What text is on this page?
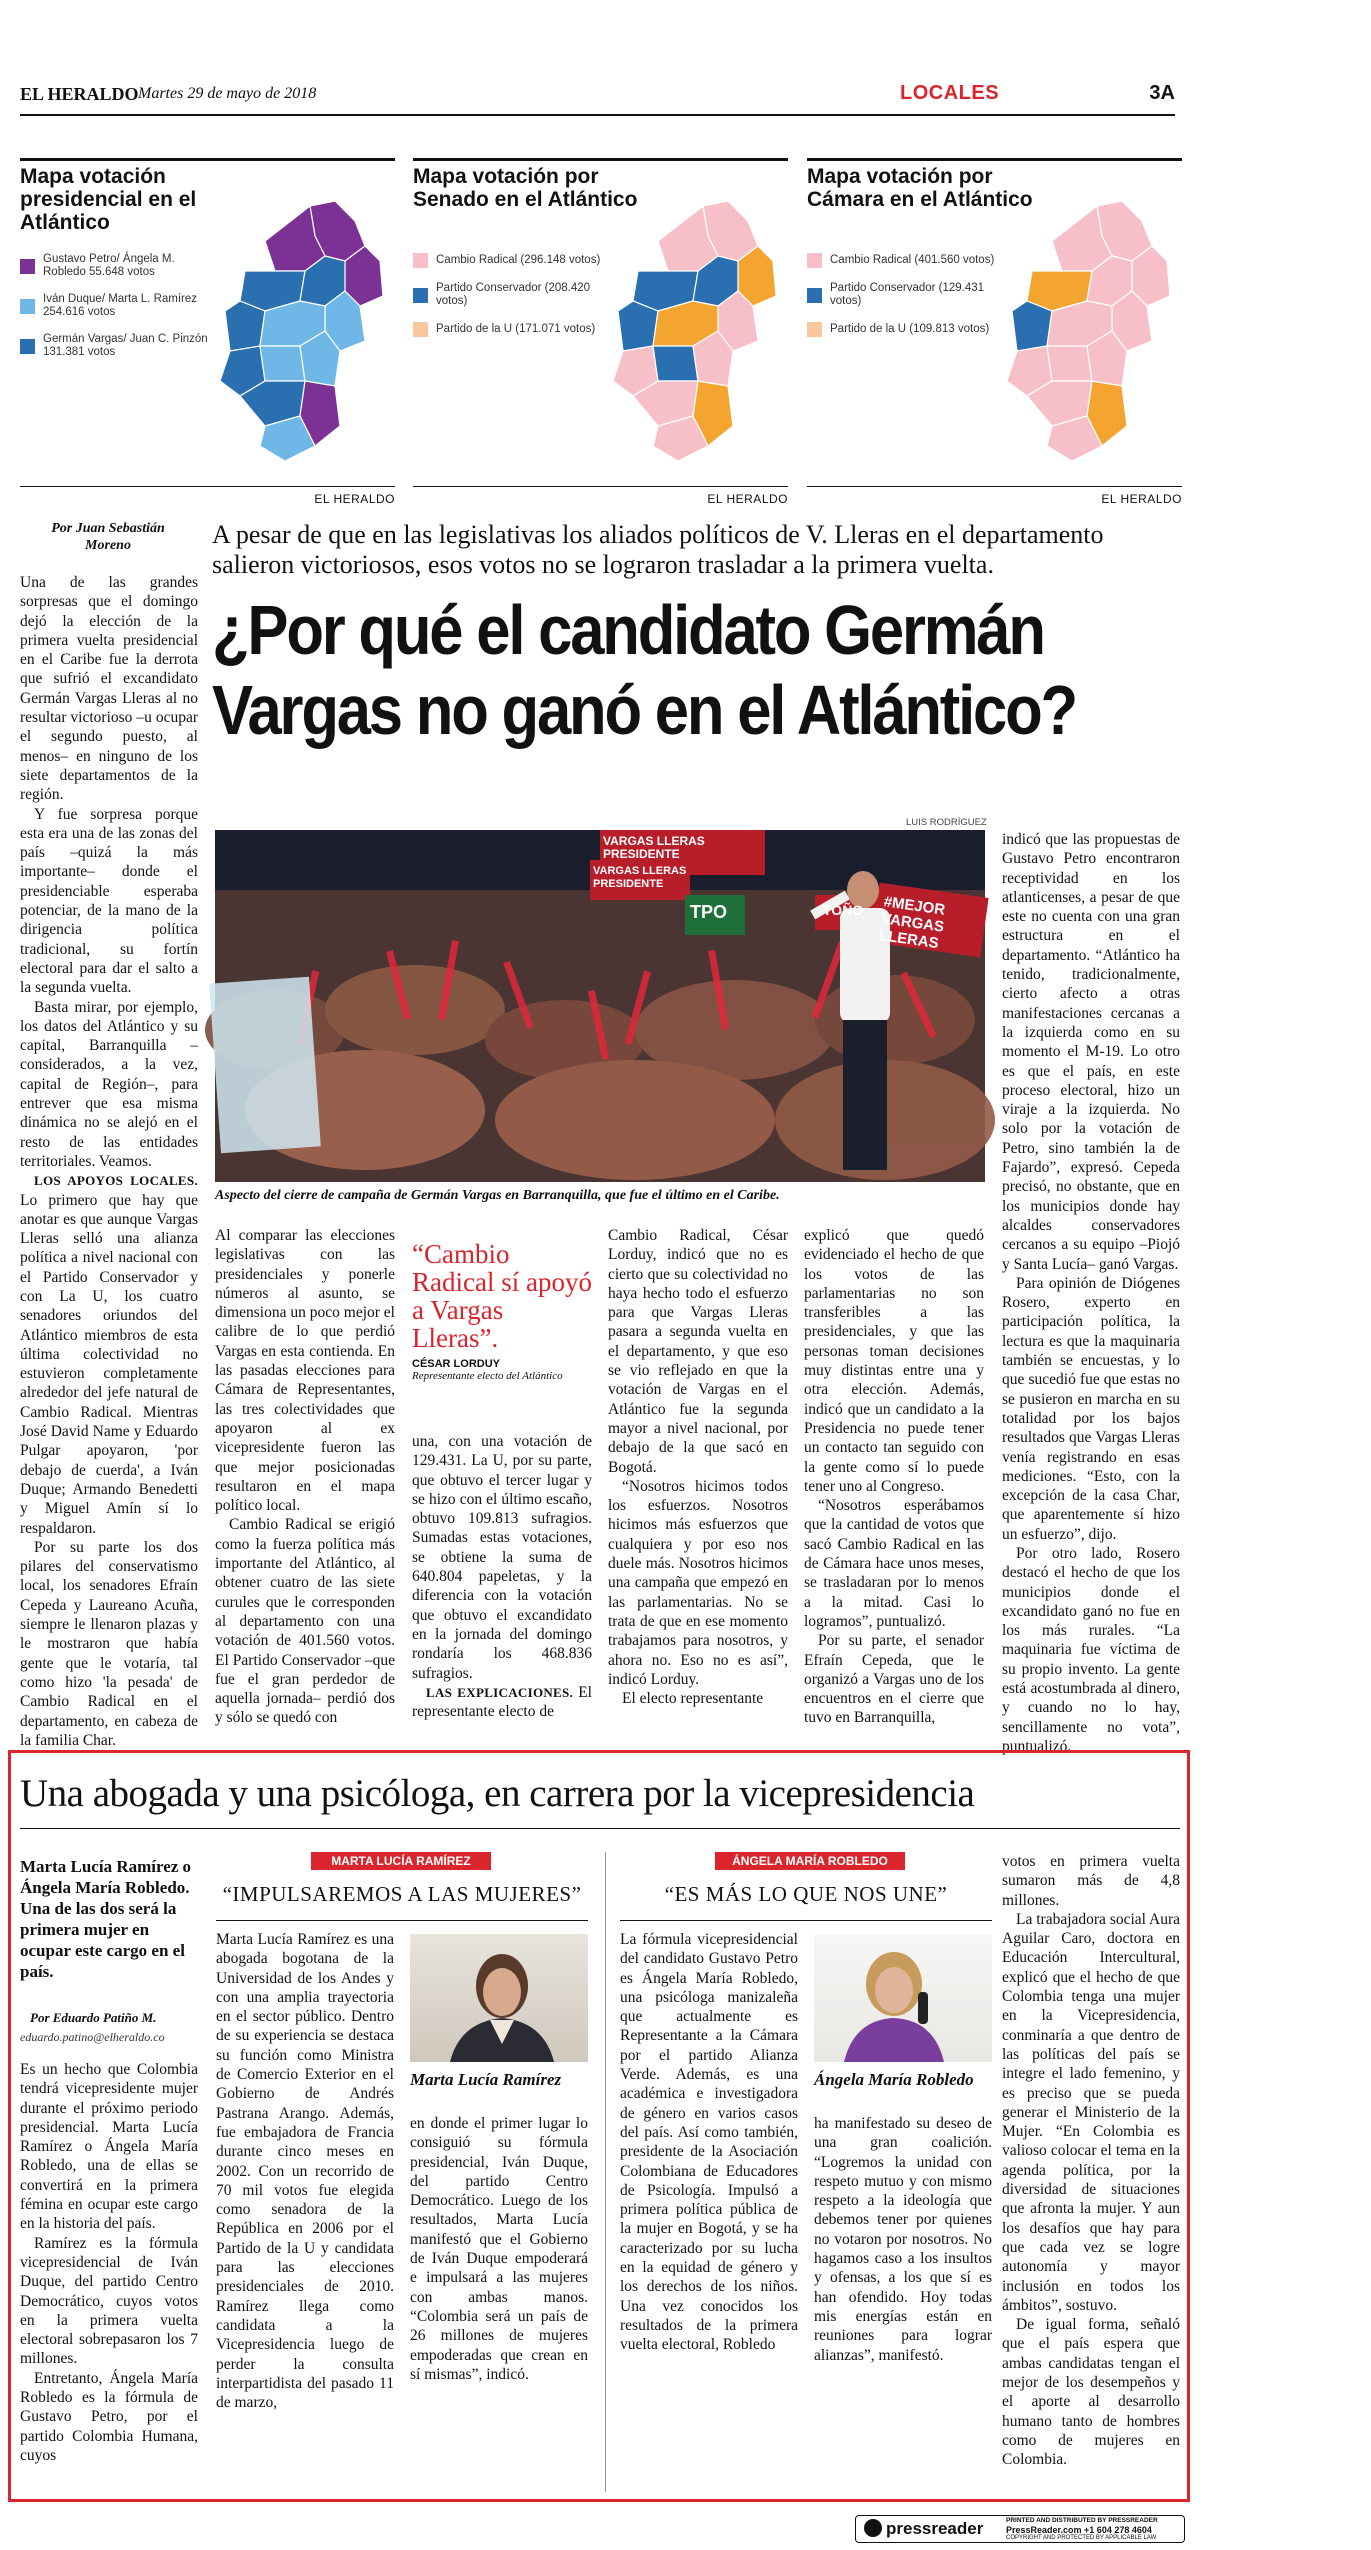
EL HERALDO Martes 29 de mayo de 2018	LOCALES	3A
Mapa votación presidencial en el Atlántico
Gustavo Petro/ Ángela M. Robledo 55.648 votos
Iván Duque/ Marta L. Ramírez 254.616 votos
Germán Vargas/ Juan C. Pinzón 131.381 votos
EL HERALDO
Mapa votación por Senado en el Atlántico
Cambio Radical (296.148 votos)
Partido Conservador (208.420 votos)
Partido de la U (171.071 votos)
EL HERALDO
Mapa votación por Cámara en el Atlántico
Cambio Radical (401.560 votos)
Partido Conservador (129.431 votos)
Partido de la U (109.813 votos)
EL HERALDO
Por Juan Sebastián Moreno	A pesar de que en las legislativas los aliados políticos de V. Lleras en el departamento salieron victoriosos, esos votos no se lograron trasladar a la primera vuelta.
¿Por qué el candidato Germán Vargas no ganó en el Atlántico?

Una de las grandes sorpresas que el domingo dejó la elección de la primera vuelta presidencial en el Caribe fue la derrota que sufrió el excandidato Germán Vargas Lleras al no resultar victorioso –u ocupar el segundo puesto, al menos– en ninguno de los siete departamentos de la región.

Y fue sorpresa porque esta era una de las zonas del país –quizá la más importante– donde el presidenciable esperaba potenciar, de la mano de la dirigencia política tradicional, su fortín electoral para dar el salto a la segunda vuelta.

Basta mirar, por ejemplo, los datos del Atlántico y su capital, Barranquilla –considerados, a la vez, capital de Región–, para entrever que esa misma dinámica no se alejó en el resto de las entidades territoriales. Veamos.

LOS APOYOS LOCALES. Lo primero que hay que anotar es que aunque Vargas Lleras selló una alianza política a nivel nacional con el Partido Conservador y con La U, los cuatro senadores oriundos del Atlántico miembros de esta última colectividad no estuvieron completamente alrededor del jefe natural de Cambio Radical. Mientras José David Name y Eduardo Pulgar apoyaron, 'por debajo de cuerda', a Iván Duque; Armando Benedetti y Miguel Amín sí lo respaldaron.

Por su parte los dos pilares del conservatismo local, los senadores Efraín Cepeda y Laureano Acuña, siempre le llenaron plazas y le mostraron que había gente que le votaría, tal como hizo 'la pesada' de Cambio Radical en el departamento, en cabeza de la familia Char.

LUIS RODRÍGUEZ
VARGAS LLERAS PRESIDENTE
VARGAS LLERAS PRESIDENTE
TOÑO
TPO	#MEJOR VARGAS LLERAS
Aspecto del cierre de campaña de Germán Vargas en Barranquilla, que fue el último en el Caribe.

Al comparar las elecciones legislativas con las presidenciales y ponerle números al asunto, se dimensiona un poco mejor el calibre de lo que perdió Vargas en esta contienda. En las pasadas elecciones para Cámara de Representantes, las tres colectividades que apoyaron al ex vicepresidente fueron las que mejor posicionadas resultaron en el mapa político local.

Cambio Radical se erigió como la fuerza política más importante del Atlántico, al obtener cuatro de las siete curules que le corresponden al departamento con una votación de 401.560 votos. El Partido Conservador –que fue el gran perdedor de aquella jornada– perdió dos y sólo se quedó con

“Cambio Radical sí apoyó a Vargas Lleras”.
CÉSAR LORDUY
Representante electo del Atlántico

una, con una votación de 129.431. La U, por su parte, que obtuvo el tercer lugar y se hizo con el último escaño, obtuvo 109.813 sufragios. Sumadas estas votaciones, se obtiene la suma de 640.804 papeletas, y la diferencia con la votación que obtuvo el excandidato en la jornada del domingo rondaría los 468.836 sufragios.

LAS EXPLICACIONES. El representante electo de

Cambio Radical, César Lorduy, indicó que no es cierto que su colectividad no haya hecho todo el esfuerzo para que Vargas Lleras pasara a segunda vuelta en el departamento, y que eso se vio reflejado en que la votación de Vargas en el Atlántico fue la segunda mayor a nivel nacional, por debajo de la que sacó en Bogotá.

“Nosotros hicimos todos los esfuerzos. Nosotros hicimos más esfuerzos que cualquiera y por eso nos duele más. Nosotros hicimos una campaña que empezó en las parlamentarias. No se trata de que en ese momento trabajamos para nosotros, y ahora no. Eso no es así”, indicó Lorduy.

El electo representante

explicó que quedó evidenciado el hecho de que los votos de las parlamentarias no son transferibles a las presidenciales, y que las personas toman decisiones muy distintas entre una y otra elección. Además, indicó que un candidato a la Presidencia no puede tener un contacto tan seguido con la gente como sí lo puede tener uno al Congreso.

“Nosotros esperábamos que la cantidad de votos que sacó Cambio Radical en las de Cámara hace unos meses, se trasladaran por lo menos a la mitad. Casi lo logramos”, puntualizó.

Por su parte, el senador Efraín Cepeda, que le organizó a Vargas uno de los encuentros en el cierre que tuvo en Barranquilla,

indicó que las propuestas de Gustavo Petro encontraron receptividad en los atlanticenses, a pesar de que este no cuenta con una gran estructura en el departamento. “Atlántico ha tenido, tradicionalmente, cierto afecto a otras manifestaciones cercanas a la izquierda como en su momento el M-19. Lo otro es que el país, en este proceso electoral, hizo un viraje a la izquierda. No solo por la votación de Petro, sino también la de Fajardo”, expresó. Cepeda precisó, no obstante, que en los municipios donde hay alcaldes conservadores cercanos a su equipo –Piojó y Santa Lucía– ganó Vargas.

Para opinión de Diógenes Rosero, experto en participación política, la lectura es que la maquinaria también se encuestas, y lo que sucedió fue que estas no se pusieron en marcha en su totalidad por los bajos resultados que Vargas Lleras venía registrando en esas mediciones. “Esto, con la excepción de la casa Char, que aparentemente sí hizo un esfuerzo”, dijo.

Por otro lado, Rosero destacó el hecho de que los municipios donde el excandidato ganó no fue en los más rurales. “La maquinaria fue víctima de su propio invento. La gente está acostumbrada al dinero, y cuando no lo hay, sencillamente no vota”, puntualizó.

Una abogada y una psicóloga, en carrera por la vicepresidencia
Marta Lucía Ramírez o Ángela María Robledo. Una de las dos será la primera mujer en ocupar este cargo en el país.
Por Eduardo Patiño M.
eduardo.patino@elheraldo.co

Es un hecho que Colombia tendrá vicepresidente mujer durante el próximo periodo presidencial. Marta Lucía Ramírez o Ángela María Robledo, una de ellas se convertirá en la primera fémina en ocupar este cargo en la historia del país.

Ramírez es la fórmula vicepresidencial de Iván Duque, del partido Centro Democrático, cuyos votos en la primera vuelta electoral sobrepasaron los 7 millones.

Entretanto, Ángela María Robledo es la fórmula de Gustavo Petro, por el partido Colombia Humana, cuyos

MARTA LUCÍA RAMÍREZ
“IMPULSAREMOS A LAS MUJERES”
Marta Lucía Ramírez es una abogada bogotana de la Universidad de los Andes y con una amplia trayectoria en el sector público. Dentro de su experiencia se destaca su función como Ministra de Comercio Exterior en el Gobierno de Andrés Pastrana Arango. Además, fue embajadora de Francia durante cinco meses en 2002. Con un recorrido de 70 mil votos fue elegida como senadora de la República en 2006 por el Partido de la U y candidata para las elecciones presidenciales de 2010. Ramírez llega como candidata a la Vicepresidencia luego de perder la consulta interpartidista del pasado 11 de marzo,
Marta Lucía Ramírez
en donde el primer lugar lo consiguió su fórmula presidencial, Iván Duque, del partido Centro Democrático. Luego de los resultados, Marta Lucía manifestó que el Gobierno de Iván Duque empoderará e impulsará a las mujeres con ambas manos. “Colombia será un país de 26 millones de mujeres empoderadas que crean en sí mismas”, indicó.
ÁNGELA MARÍA ROBLEDO
“ES MÁS LO QUE NOS UNE”
La fórmula vicepresidencial del candidato Gustavo Petro es Ángela María Robledo, una psicóloga manizaleña que actualmente es Representante a la Cámara por el partido Alianza Verde. Además, es una académica e investigadora de género en varios casos del país. Así como también, presidente de la Asociación Colombiana de Educadores de Psicología. Impulsó a primera política pública de la mujer en Bogotá, y se ha caracterizado por su lucha en la equidad de género y los derechos de los niños. Una vez conocidos los resultados de la primera vuelta electoral, Robledo
Ángela María Robledo
ha manifestado su deseo de una gran coalición. “Logremos la unidad con respeto mutuo y con mismo respeto a la ideología que debemos tener por quienes no votaron por nosotros. No hagamos caso a los insultos y ofensas, a los que sí es han ofendido. Hoy todas mis energías están en reuniones para lograr alianzas”, manifestó.

votos en primera vuelta sumaron más de 4,8 millones.

La trabajadora social Aura Aguilar Caro, doctora en Educación Intercultural, explicó que el hecho de que Colombia tenga una mujer en la Vicepresidencia, conminaría a que dentro de las políticas del país se integre el lado femenino, y es preciso que se pueda generar el Ministerio de la Mujer. “En Colombia es valioso colocar el tema en la agenda política, por la diversidad de situaciones que afronta la mujer. Y aun los desafíos que hay para que cada vez se logre autonomía y mayor inclusión en todos los ámbitos”, sostuvo.

De igual forma, señaló que el país espera que ambas candidatas tengan el mejor de los desempeños y el aporte al desarrollo humano tanto de hombres como de mujeres en Colombia.

pressreader	PRINTED AND DISTRIBUTED BY PRESSREADER
PressReader.com +1 604 278 4604
COPYRIGHT AND PROTECTED BY APPLICABLE LAW
